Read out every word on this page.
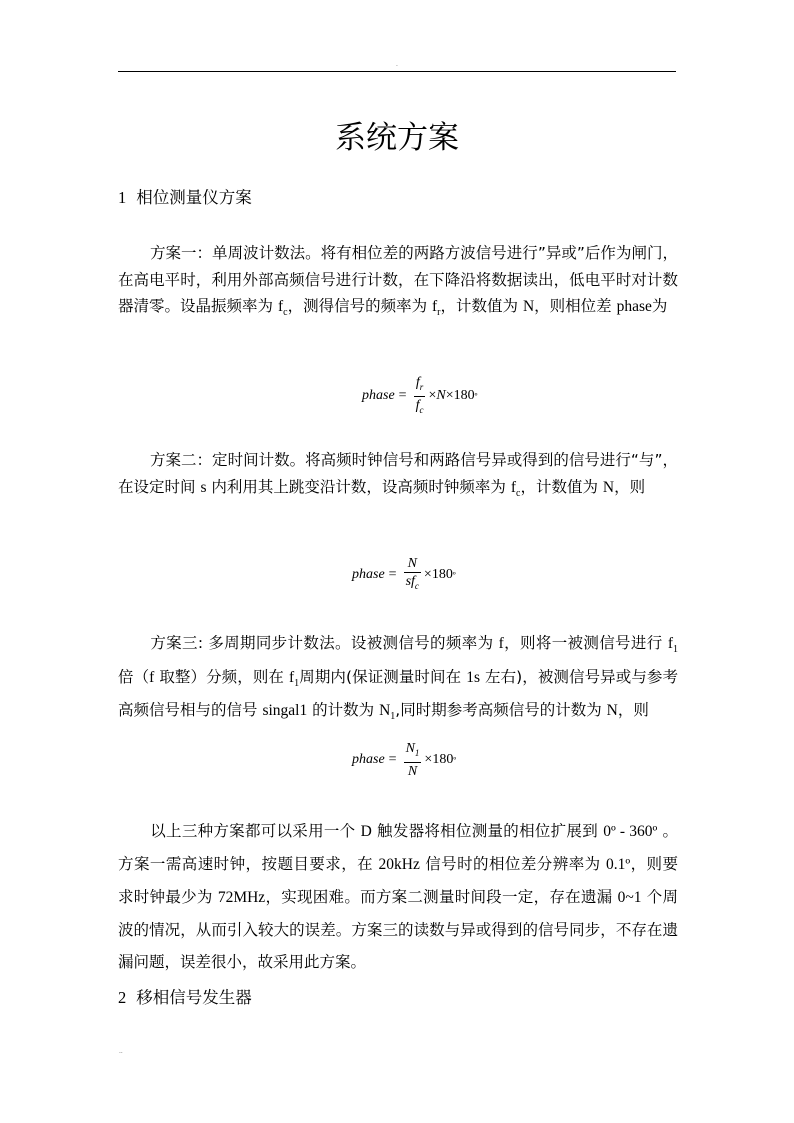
.
系统方案
1 相位测量仪方案
方案一：单周波计数法。将有相位差的两路方波信号进行”异或”后作为闸门，在高电平时，利用外部高频信号进行计数，在下降沿将数据读出，低电平时对计数器清零。设晶振频率为 $f_c$，测得信号的频率为 $f_r$，计数值为 N，则相位差 phase为
phase = $\frac{f_r}{f_c} \times N \times 180$ º
方案二：定时间计数。将高频时钟信号和两路信号异或得到的信号进行“与”，在设定时间 s 内利用其上跳变沿计数，设高频时钟频率为 $f_c$，计数值为 N，则
phase = $\frac{N}{sf_c} \times 180$ º
方案三: 多周期同步计数法。设被测信号的频率为 f，则将一被测信号进行 $f_1$倍（f 取整）分频，则在 $f_1$周期内(保证测量时间在 1s 左右)，被测信号异或与参考高频信号相与的信号 singal1 的计数为 $N_1$,同时期参考高频信号的计数为 N，则
phase = $\frac{N_1}{N} \times 180$ º
以上三种方案都可以采用一个 D 触发器将相位测量的相位扩展到 0º - 360º 。方案一需高速时钟，按题目要求，在 20kHz 信号时的相位差分辨率为 0.1º，则要求时钟最少为 72MHz，实现困难。而方案二测量时间段一定，存在遗漏 0~1 个周波的情况，从而引入较大的误差。方案三的读数与异或得到的信号同步，不存在遗漏问题，误差很小，故采用此方案。
2 移相信号发生器
..
